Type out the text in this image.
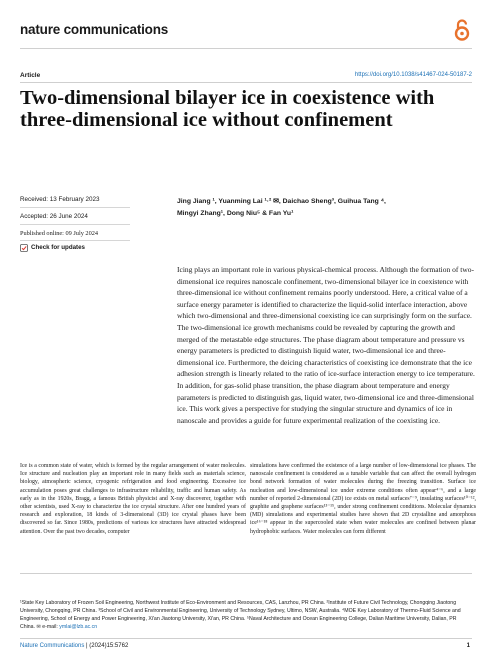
nature communications
Article	https://doi.org/10.1038/s41467-024-50187-2
Two-dimensional bilayer ice in coexistence with three-dimensional ice without confinement
Received: 13 February 2023
Accepted: 26 June 2024
Published online: 09 July 2024
Check for updates
Jing Jiang ¹, Yuanming Lai ¹·² ✉, Daichao Sheng³, Guihua Tang ⁴,
Mingyi Zhang¹, Dong Niu⁵ & Fan Yu¹

Icing plays an important role in various physical-chemical process. Although the formation of two-dimensional ice requires nanoscale confinement, two-dimensional bilayer ice in coexistence with three-dimensional ice without confinement remains poorly understood. Here, a critical value of a surface energy parameter is identified to characterize the liquid-solid interface interaction, above which two-dimensional and three-dimensional coexisting ice can surprisingly form on the surface. The two-dimensional ice growth mechanisms could be revealed by capturing the growth and merged of the metastable edge structures. The phase diagram about temperature and pressure vs energy parameters is predicted to distinguish liquid water, two-dimensional ice and three-dimensional ice. Furthermore, the deicing characteristics of coexisting ice demonstrate that the ice adhesion strength is linearly related to the ratio of ice-surface interaction energy to ice temperature. In addition, for gas-solid phase transition, the phase diagram about temperature and energy parameters is predicted to distinguish gas, liquid water, two-dimensional ice and three-dimensional ice. This work gives a perspective for studying the singular structure and dynamics of ice in nanoscale and provides a guide for future experimental realization of the coexisting ice.

Ice is a common state of water, which is formed by the regular arrangement of water molecules. Ice structure and nucleation play an important role in many fields such as materials science, biology, atmospheric science, cryogenic refrigeration and food engineering. Excessive ice accumulation poses great challenges to infrastructure reliability, traffic and human safety. As early as in the 1920s, Bragg, a famous British physicist and X-ray discoverer, together with other scientists, used X-ray to characterize the ice crystal structure. After one hundred years of research and exploration, 18 kinds of 3-dimensional (3D) ice crystal phases have been discovered so far. Since 1980s, predictions of various ice structures have attracted widespread attention. Over the past two decades, computer

simulations have confirmed the existence of a large number of low-dimensional ice phases. The nanoscale confinement is considered as a tunable variable that can affect the overall hydrogen bond network formation of water molecules during the freezing transition. Surface ice nucleation and low-dimensional ice under extreme conditions often appear⁴⁻⁶, and a large number of reported 2-dimensional (2D) ice exists on metal surfaces⁷⁻⁹, insulating surfaces¹⁰⁻¹², graphite and graphene surfaces¹³⁻¹⁵, under strong confinement conditions. Molecular dynamics (MD) simulations and experimental studies have shown that 2D crystalline and amorphous ice¹⁶⁻¹⁸ appear in the supercooled state when water molecules are confined between planar hydrophobic surfaces. Water molecules can form different

¹State Key Laboratory of Frozen Soil Engineering, Northwest Institute of Eco-Environment and Resources, CAS, Lanzhou, PR China. ²Institute of Future Civil Technology, Chongqing Jiaotong University, Chongqing, PR China. ³School of Civil and Environmental Engineering, University of Technology Sydney, Ultimo, NSW, Australia. ⁴MOE Key Laboratory of Thermo-Fluid Science and Engineering, School of Energy and Power Engineering, Xi'an Jiaotong University, Xi'an, PR China. ⁵Naval Architecture and Ocean Engineering College, Dalian Maritime University, Dalian, PR China. ✉ e-mail: ymlai@lzb.ac.cn

Nature Communications | (2024)15:5762	1
